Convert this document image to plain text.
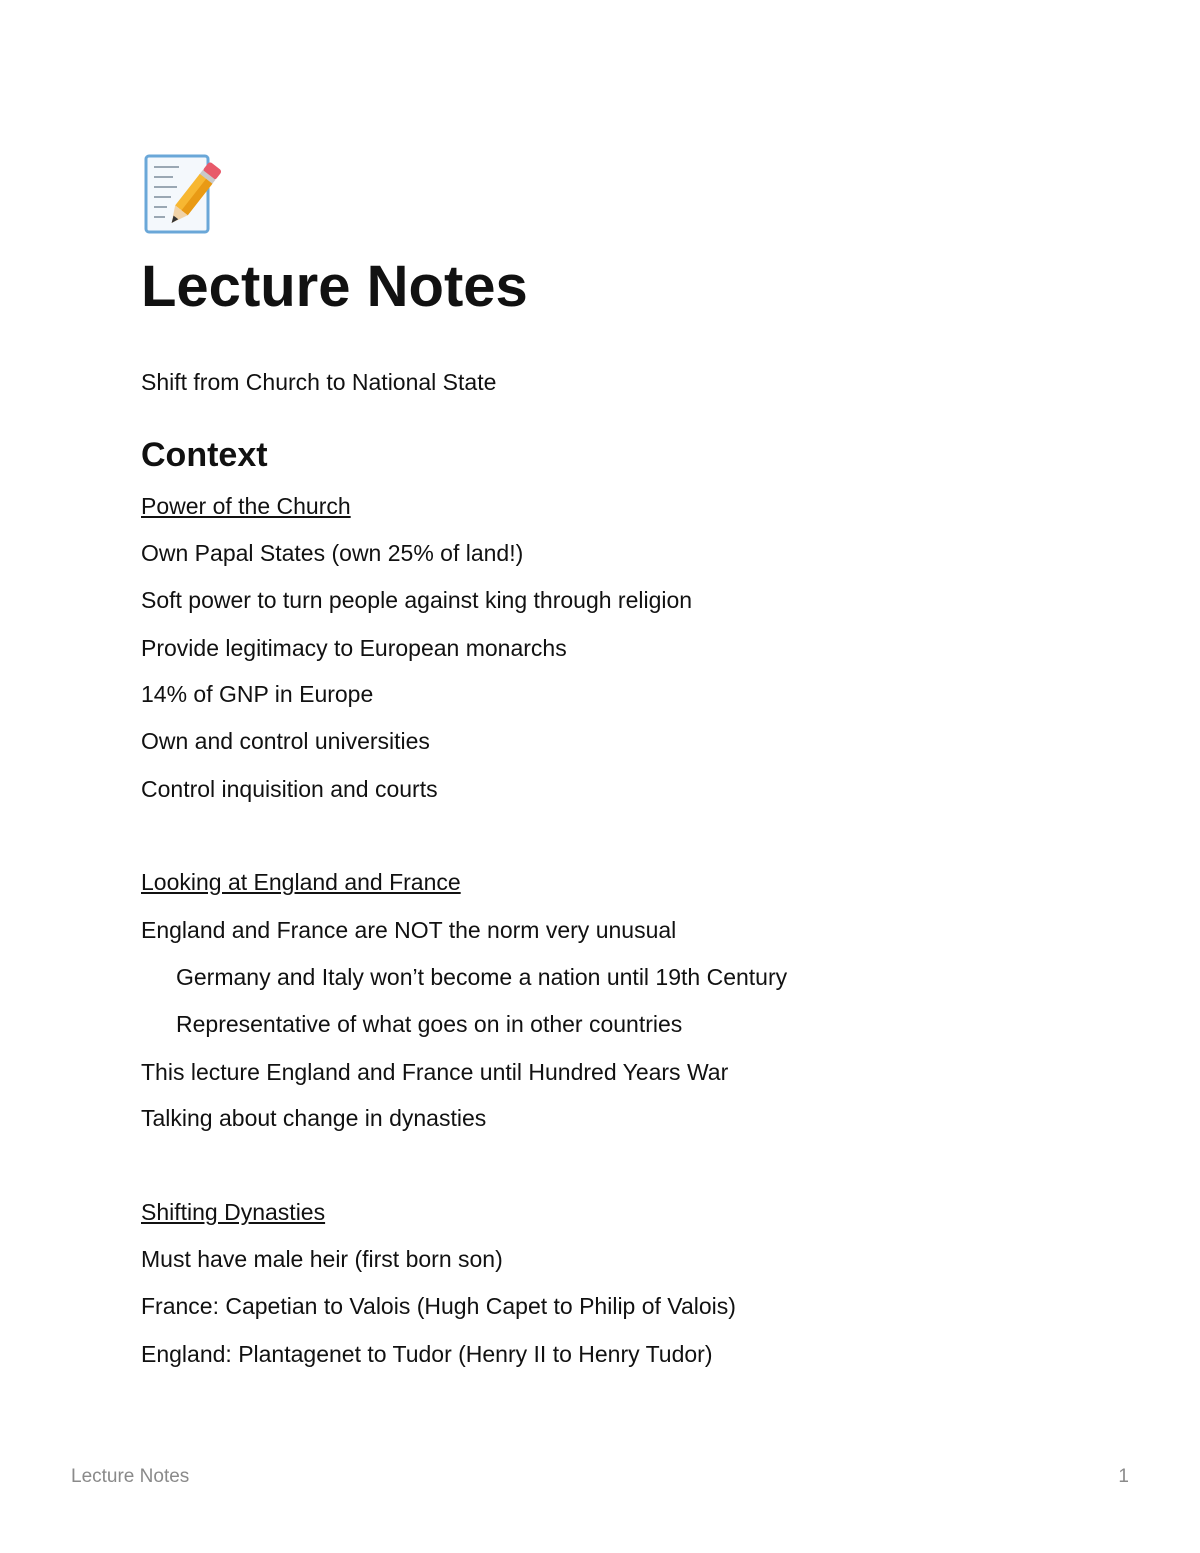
Lecture Notes
Shift from Church to National State
Context
Power of the Church
Own Papal States (own 25% of land!)
Soft power to turn people against king through religion
Provide legitimacy to European monarchs
14% of GNP in Europe
Own and control universities
Control inquisition and courts
Looking at England and France
England and France are NOT the norm very unusual
Germany and Italy won’t become a nation until 19th Century
Representative of what goes on in other countries
This lecture England and France until Hundred Years War
Talking about change in dynasties
Shifting Dynasties
Must have male heir (first born son)
France: Capetian to Valois (Hugh Capet to Philip of Valois)
England: Plantagenet to Tudor (Henry II to Henry Tudor)
Lecture Notes	1
